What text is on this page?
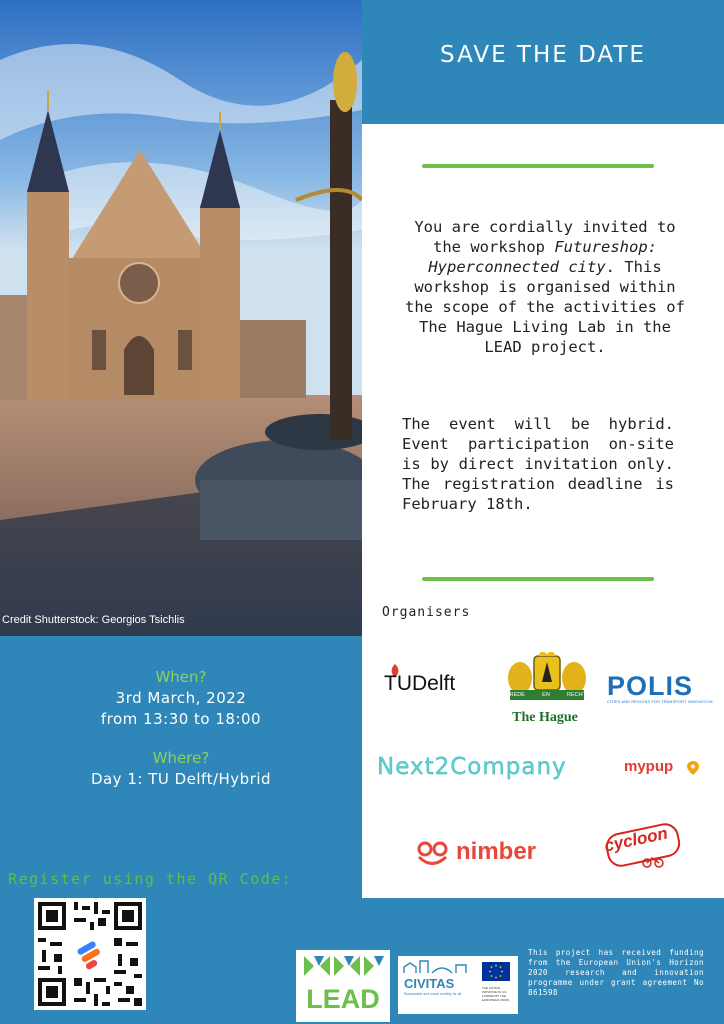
Credit Shutterstock: Georgios Tsichlis
SAVE THE DATE
You are cordially invited to the workshop Futureshop: Hyperconnected city. This workshop is organised within the scope of the activities of The Hague Living Lab in the LEAD project.
The event will be hybrid. Event participation on-site is by direct invitation only. The registration deadline is February 18th.
Organisers
TUDelft	VREDE	EN	RECHT
The Hague
POLIS
CITIES AND REGIONS FOR TRANSPORT INNOVATION
Next2Company	mypup
nimber	cycloon
When?
3rd March, 2022
from 13:30 to 18:00
Where?
Day 1: TU Delft/Hybrid
Register using the QR Code:
LEAD
CIVITAS
Sustainable and smart mobility for all
THE CIVITAS INITIATIVE IS CO-FUNDED BY THE EUROPEAN UNION
This project has received funding from the European Union's Horizon 2020 research and innovation programme under grant agreement No 861598
